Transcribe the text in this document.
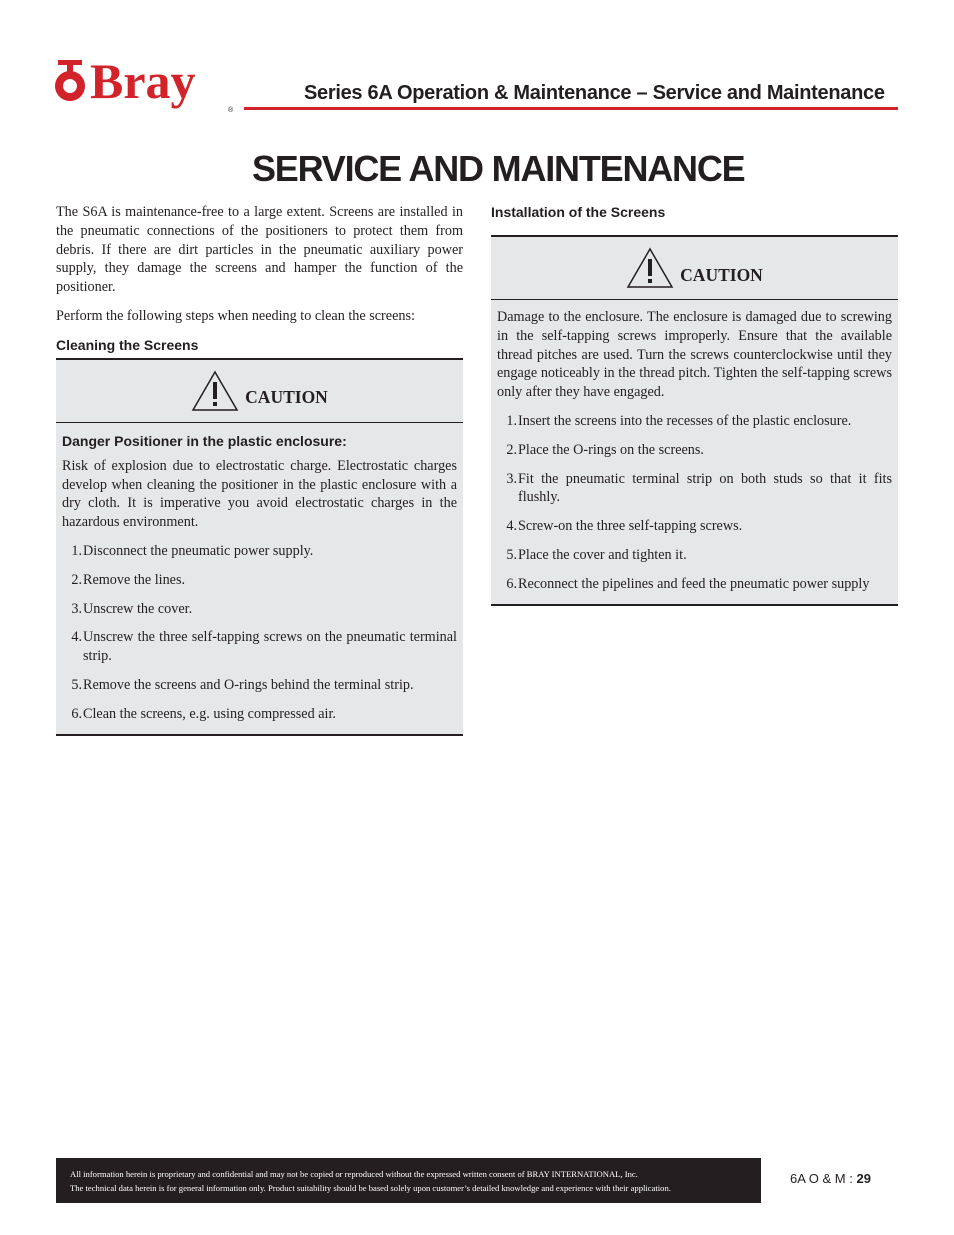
Bray
®
Series 6A Operation & Maintenance – Service and Maintenance
SERVICE AND MAINTENANCE

The S6A is maintenance-free to a large extent. Screens are installed in the pneumatic connections of the positioners to protect them from debris. If there are dirt particles in the pneumatic auxiliary power supply, they damage the screens and hamper the function of the positioner.

Perform the following steps when needing to clean the screens:

Cleaning the Screens
CAUTION
Danger Positioner in the plastic enclosure:

Risk of explosion due to electrostatic charge. Electrostatic charges develop when cleaning the positioner in the plastic enclosure with a dry cloth. It is imperative you avoid electrostatic charges in the hazardous environment.

1. Disconnect the pneumatic power supply.
2. Remove the lines.
3. Unscrew the cover.
4. Unscrew the three self-tapping screws on the pneumatic terminal strip.
5. Remove the screens and O-rings behind the terminal strip.
6. Clean the screens, e.g. using compressed air.
Installation of the Screens
CAUTION

Damage to the enclosure. The enclosure is damaged due to screwing in the self-tapping screws improperly. Ensure that the available thread pitches are used. Turn the screws counterclockwise until they engage noticeably in the thread pitch. Tighten the self-tapping screws only after they have engaged.

1. Insert the screens into the recesses of the plastic enclosure.
2. Place the O-rings on the screens.
3. Fit the pneumatic terminal strip on both studs so that it fits flushly.
4. Screw-on the three self-tapping screws.
5. Place the cover and tighten it.
6. Reconnect the pipelines and feed the pneumatic power supply
All information herein is proprietary and confidential and may not be copied or reproduced without the expressed written consent of BRAY INTERNATIONAL, Inc.
The technical data herein is for general information only. Product suitability should be based solely upon customer’s detailed knowledge and experience with their application.
6A O & M : 29
